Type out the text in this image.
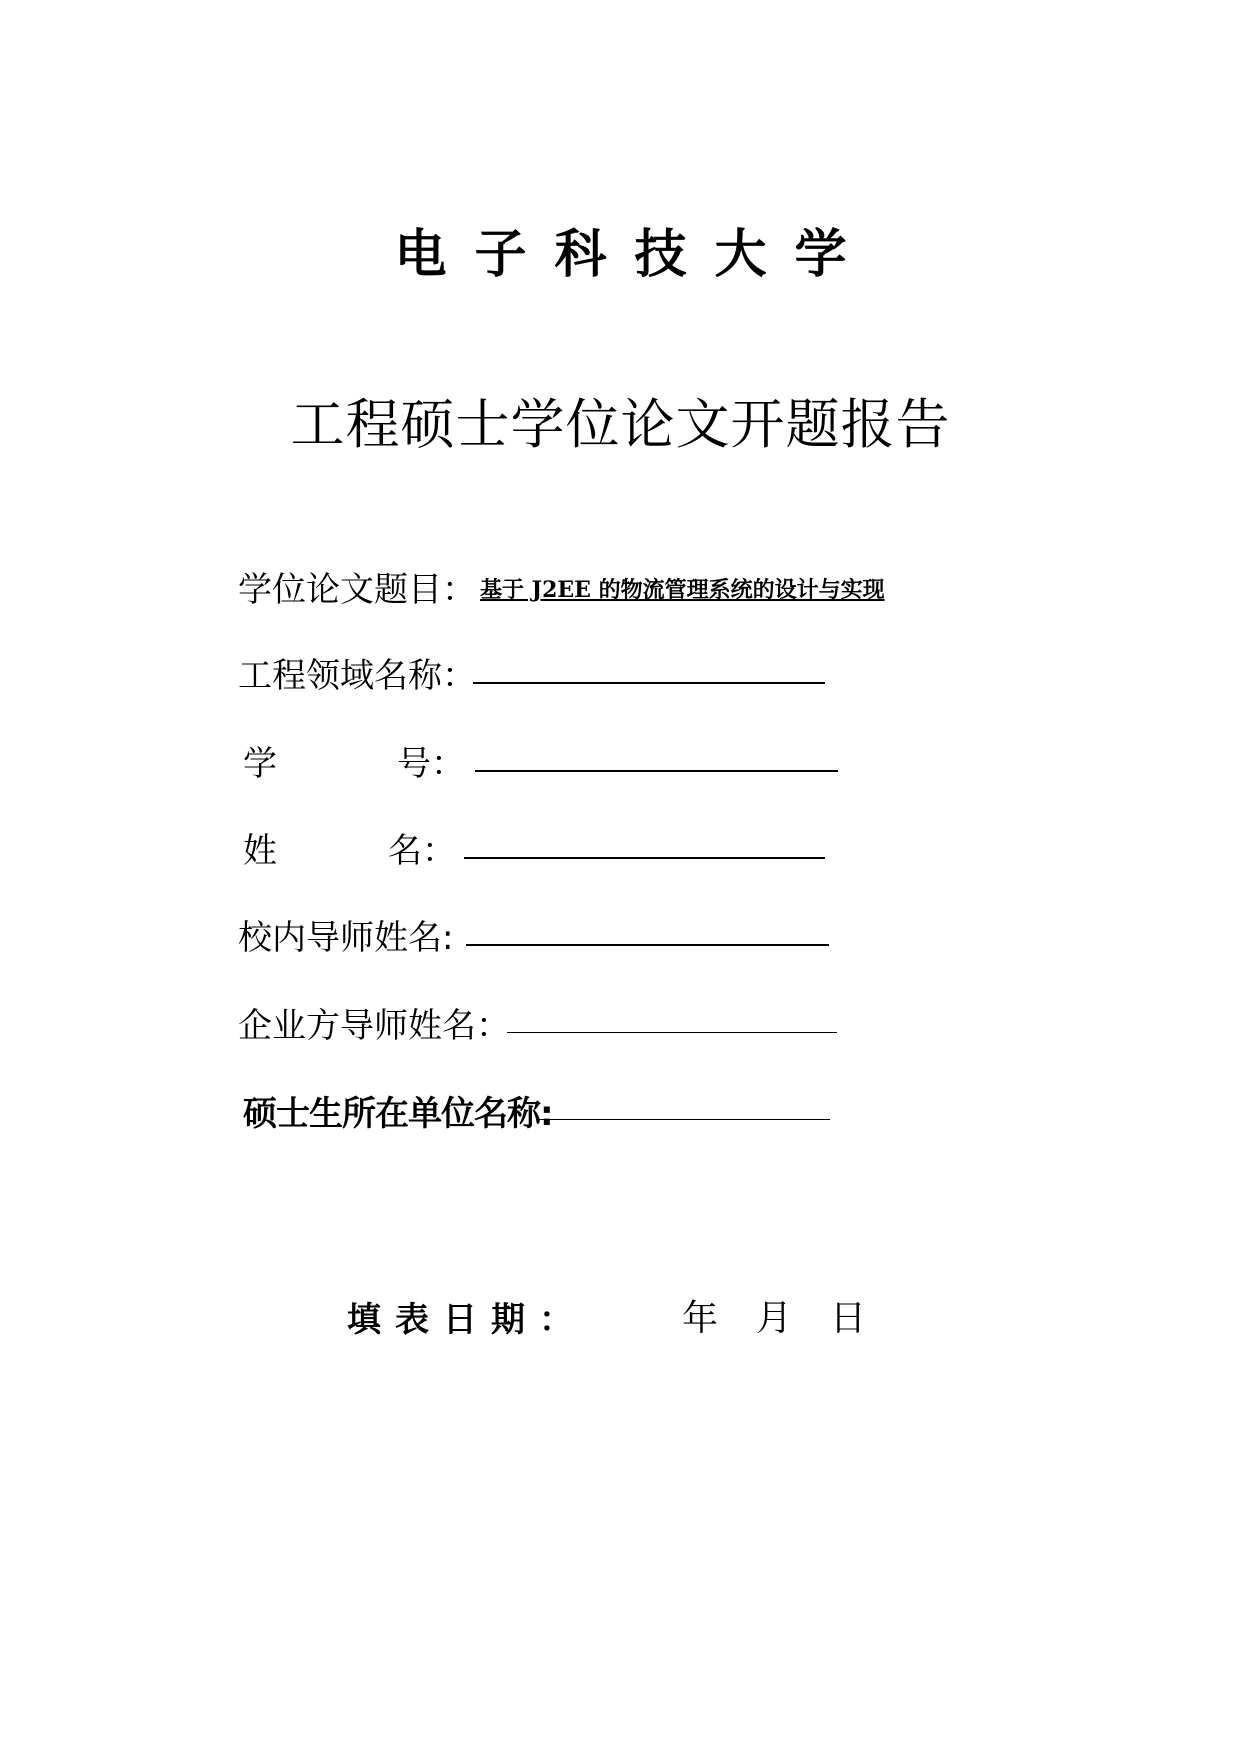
电子科技大学
工程硕士学位论文开题报告
学位论文题目： 基于 J2EE 的物流管理系统的设计与实现
工程领域名称：
学	号 ：
姓	名 ：
校内导师姓名:
企业方导师姓名：
硕士生所在单位名称:
填表日期：	年 月 日
